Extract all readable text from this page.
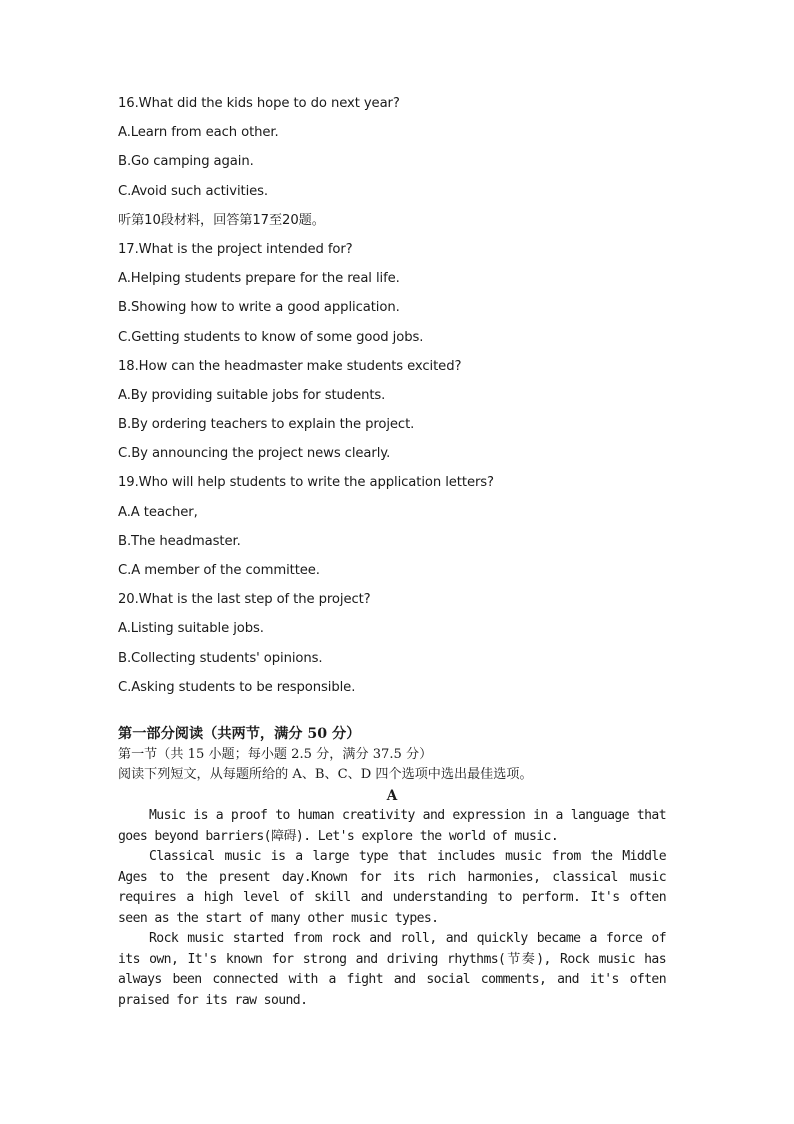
16.What did the kids hope to do next year?
A.Learn from each other.
B.Go camping again.
C.Avoid such activities.
听第10段材料，回答第17至20题。
17.What is the project intended for?
A.Helping students prepare for the real life.
B.Showing how to write a good application.
C.Getting students to know of some good jobs.
18.How can the headmaster make students excited?
A.By providing suitable jobs for students.
B.By ordering teachers to explain the project.
C.By announcing the project news clearly.
19.Who will help students to write the application letters?
A.A teacher,
B.The headmaster.
C.A member of the committee.
20.What is the last step of the project?
A.Listing suitable jobs.
B.Collecting students' opinions.
C.Asking students to be responsible.
第一部分阅读（共两节，满分 50 分）
第一节（共 15 小题；每小题 2.5 分，满分 37.5 分）
阅读下列短文，从每题所给的 A、B、C、D 四个选项中选出最佳选项。
A

Music is a proof to human creativity and expression in a language that goes beyond barriers(障碍). Let's explore the world of music.

Classical music is a large type that includes music from the Middle Ages to the present day.Known for its rich harmonies, classical music requires a high level of skill and understanding to perform. It's often seen as the start of many other music types.

Rock music started from rock and roll, and quickly became a force of its own, It's known for strong and driving rhythms(节奏), Rock music has always been connected with a fight and social comments, and it's often praised for its raw sound.
